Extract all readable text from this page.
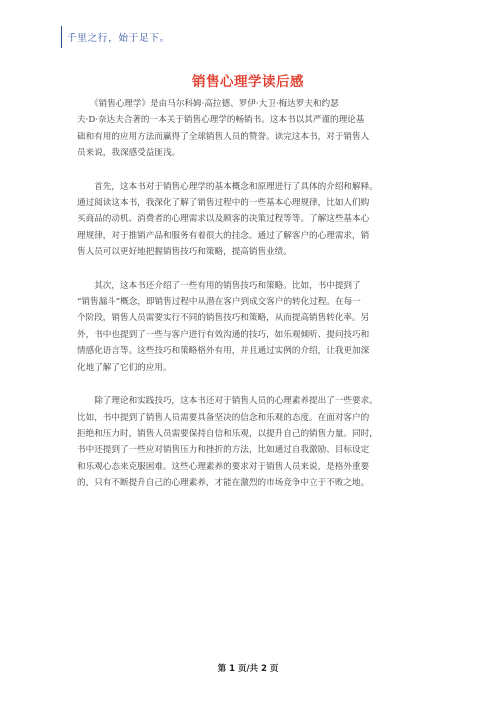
千里之行，始于足下。
销售心理学读后感
　　《销售心理学》是由马尔科姆·高拉德、罗伊·大卫·梅达罗夫和约瑟
夫·D·奈达夫合著的一本关于销售心理学的畅销书。这本书以其严谨的理论基
础和有用的应用方法而赢得了全球销售人员的赞誉。读完这本书，对于销售人
员来说，我深感受益匪浅。
　　首先，这本书对于销售心理学的基本概念和原理进行了具体的介绍和解释。
通过阅读这本书，我深化了解了销售过程中的一些基本心理规律，比如人们购
买商品的动机、消费者的心理需求以及顾客的决策过程等等。了解这些基本心
理规律，对于推销产品和服务有着很大的挂念。通过了解客户的心理需求，销
售人员可以更好地把握销售技巧和策略，提高销售业绩。
　　其次，这本书还介绍了一些有用的销售技巧和策略。比如，书中提到了
“销售漏斗”概念，即销售过程中从潜在客户到成交客户的转化过程。在每一
个阶段，销售人员需要实行不同的销售技巧和策略，从而提高销售转化率。另
外，书中也提到了一些与客户进行有效沟通的技巧，如乐观倾听、提问技巧和
情感化语言等。这些技巧和策略格外有用，并且通过实例的介绍，让我更加深
化地了解了它们的应用。
　　除了理论和实践技巧，这本书还对于销售人员的心理素养提出了一些要求。
比如，书中提到了销售人员需要具备坚决的信念和乐观的态度。在面对客户的
拒绝和压力时，销售人员需要保持自信和乐观，以提升自己的销售力量。同时，
书中还提到了一些应对销售压力和挫折的方法，比如通过自我激励、目标设定
和乐观心态来克服困难。这些心理素养的要求对于销售人员来说，是格外重要
的，只有不断提升自己的心理素养，才能在激烈的市场竞争中立于不败之地。
第 1 页/共 2 页
